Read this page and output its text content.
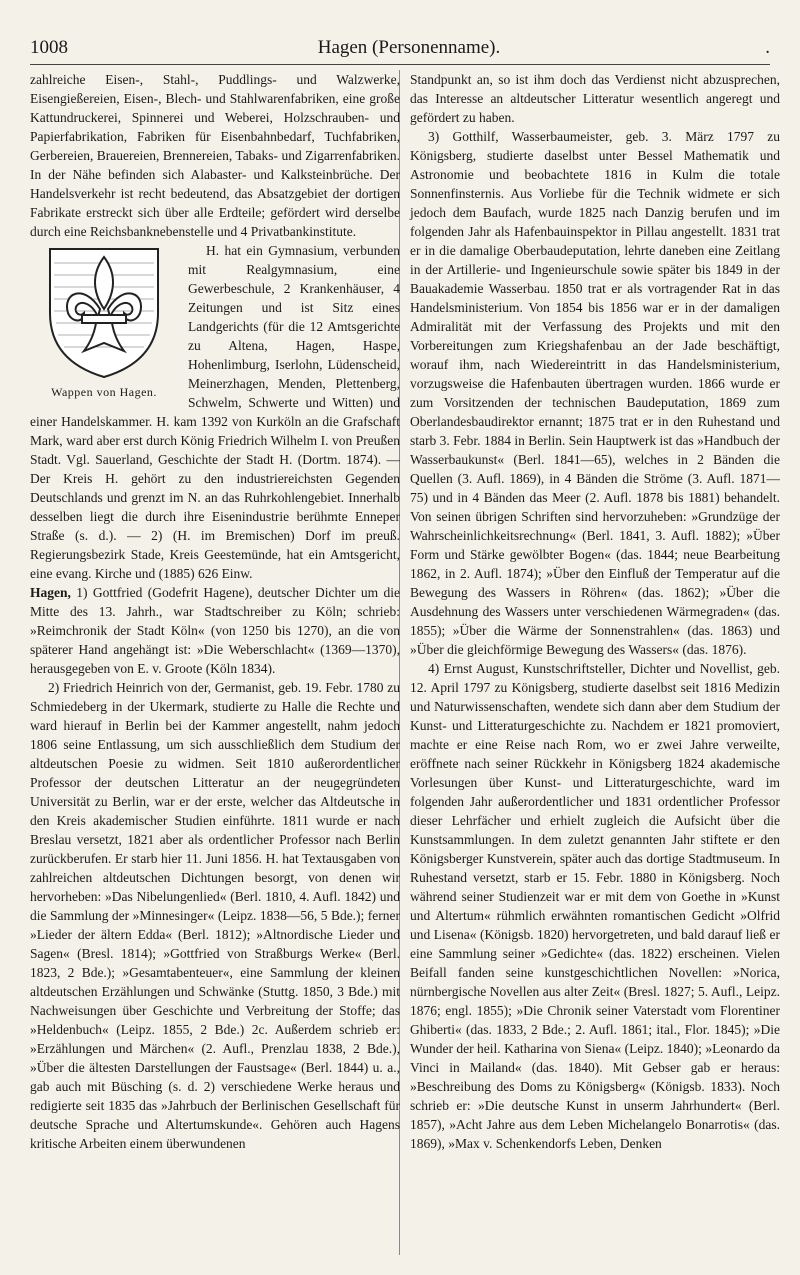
1008	Hagen (Personenname).	.

zahlreiche Eisen-, Stahl-, Puddlings- und Walzwerke, Eisengießereien, Eisen-, Blech- und Stahlwarenfabriken, eine große Kattundruckerei, Spinnerei und Weberei, Holzschrauben- und Papierfabrikation, Fabriken für Eisenbahnbedarf, Tuchfabriken, Gerbereien, Brauereien, Brennereien, Tabaks- und Zigarrenfabriken. In der Nähe befinden sich Alabaster- und Kalksteinbrüche. Der Handelsverkehr ist recht bedeutend, das Absatzgebiet der dortigen Fabrikate erstreckt sich über alle Erdteile; gefördert wird derselbe durch eine Reichsbanknebenstelle und 4 Privatbankinstitute.

Wappen von Hagen.

H. hat ein Gymnasium, verbunden mit Realgymnasium, eine Gewerbeschule, 2 Krankenhäuser, 4 Zeitungen und ist Sitz eines Landgerichts (für die 12 Amtsgerichte zu Altena, Hagen, Haspe, Hohenlimburg, Iserlohn, Lüdenscheid, Meinerzhagen, Menden, Plettenberg, Schwelm, Schwerte und Witten) und einer Handelskammer. H. kam 1392 von Kurköln an die Grafschaft Mark, ward aber erst durch König Friedrich Wilhelm I. von Preußen Stadt. Vgl. Sauerland, Geschichte der Stadt H. (Dortm. 1874). — Der Kreis H. gehört zu den industriereichsten Gegenden Deutschlands und grenzt im N. an das Ruhrkohlengebiet. Innerhalb desselben liegt die durch ihre Eisenindustrie berühmte Enneper Straße (s. d.). — 2) (H. im Bremischen) Dorf im preuß. Regierungsbezirk Stade, Kreis Geestemünde, hat ein Amtsgericht, eine evang. Kirche und (1885) 626 Einw.

Hagen, 1) Gottfried (Godefrit Hagene), deutscher Dichter um die Mitte des 13. Jahrh., war Stadtschreiber zu Köln; schrieb: »Reimchronik der Stadt Köln« (von 1250 bis 1270), an die von späterer Hand angehängt ist: »Die Weberschlacht« (1369—1370), herausgegeben von E. v. Groote (Köln 1834).

2) Friedrich Heinrich von der, Germanist, geb. 19. Febr. 1780 zu Schmiedeberg in der Ukermark, studierte zu Halle die Rechte und ward hierauf in Berlin bei der Kammer angestellt, nahm jedoch 1806 seine Entlassung, um sich ausschließlich dem Studium der altdeutschen Poesie zu widmen. Seit 1810 außerordentlicher Professor der deutschen Litteratur an der neugegründeten Universität zu Berlin, war er der erste, welcher das Altdeutsche in den Kreis akademischer Studien einführte. 1811 wurde er nach Breslau versetzt, 1821 aber als ordentlicher Professor nach Berlin zurückberufen. Er starb hier 11. Juni 1856. H. hat Textausgaben von zahlreichen altdeutschen Dichtungen besorgt, von denen wir hervorheben: »Das Nibelungenlied« (Berl. 1810, 4. Aufl. 1842) und die Sammlung der »Minnesinger« (Leipz. 1838—56, 5 Bde.); ferner »Lieder der ältern Edda« (Berl. 1812); »Altnordische Lieder und Sagen« (Bresl. 1814); »Gottfried von Straßburgs Werke« (Berl. 1823, 2 Bde.); »Gesamtabenteuer«, eine Sammlung der kleinen altdeutschen Erzählungen und Schwänke (Stuttg. 1850, 3 Bde.) mit Nachweisungen über Geschichte und Verbreitung der Stoffe; das »Heldenbuch« (Leipz. 1855, 2 Bde.) 2c. Außerdem schrieb er: »Erzählungen und Märchen« (2. Aufl., Prenzlau 1838, 2 Bde.), »Über die ältesten Darstellungen der Faustsage« (Berl. 1844) u. a., gab auch mit Büsching (s. d. 2) verschiedene Werke heraus und redigierte seit 1835 das »Jahrbuch der Berlinischen Gesellschaft für deutsche Sprache und Altertumskunde«. Gehören auch Hagens kritische Arbeiten einem überwundenen

Standpunkt an, so ist ihm doch das Verdienst nicht abzusprechen, das Interesse an altdeutscher Litteratur wesentlich angeregt und gefördert zu haben.

3) Gotthilf, Wasserbaumeister, geb. 3. März 1797 zu Königsberg, studierte daselbst unter Bessel Mathematik und Astronomie und beobachtete 1816 in Kulm die totale Sonnenfinsternis. Aus Vorliebe für die Technik widmete er sich jedoch dem Baufach, wurde 1825 nach Danzig berufen und im folgenden Jahr als Hafenbauinspektor in Pillau angestellt. 1831 trat er in die damalige Oberbaudeputation, lehrte daneben eine Zeitlang in der Artillerie- und Ingenieurschule sowie später bis 1849 in der Bauakademie Wasserbau. 1850 trat er als vortragender Rat in das Handelsministerium. Von 1854 bis 1856 war er in der damaligen Admiralität mit der Verfassung des Projekts und mit den Vorbereitungen zum Kriegshafenbau an der Jade beschäftigt, worauf ihm, nach Wiedereintritt in das Handelsministerium, vorzugsweise die Hafenbauten übertragen wurden. 1866 wurde er zum Vorsitzenden der technischen Baudeputation, 1869 zum Oberlandesbaudirektor ernannt; 1875 trat er in den Ruhestand und starb 3. Febr. 1884 in Berlin. Sein Hauptwerk ist das »Handbuch der Wasserbaukunst« (Berl. 1841—65), welches in 2 Bänden die Quellen (3. Aufl. 1869), in 4 Bänden die Ströme (3. Aufl. 1871—75) und in 4 Bänden das Meer (2. Aufl. 1878 bis 1881) behandelt. Von seinen übrigen Schriften sind hervorzuheben: »Grundzüge der Wahrscheinlichkeitsrechnung« (Berl. 1841, 3. Aufl. 1882); »Über Form und Stärke gewölbter Bogen« (das. 1844; neue Bearbeitung 1862, in 2. Aufl. 1874); »Über den Einfluß der Temperatur auf die Bewegung des Wassers in Röhren« (das. 1862); »Über die Ausdehnung des Wassers unter verschiedenen Wärmegraden« (das. 1855); »Über die Wärme der Sonnenstrahlen« (das. 1863) und »Über die gleichförmige Bewegung des Wassers« (das. 1876).

4) Ernst August, Kunstschriftsteller, Dichter und Novellist, geb. 12. April 1797 zu Königsberg, studierte daselbst seit 1816 Medizin und Naturwissenschaften, wendete sich dann aber dem Studium der Kunst- und Litteraturgeschichte zu. Nachdem er 1821 promoviert, machte er eine Reise nach Rom, wo er zwei Jahre verweilte, eröffnete nach seiner Rückkehr in Königsberg 1824 akademische Vorlesungen über Kunst- und Litteraturgeschichte, ward im folgenden Jahr außerordentlicher und 1831 ordentlicher Professor dieser Lehrfächer und erhielt zugleich die Aufsicht über die Kunstsammlungen. In dem zuletzt genannten Jahr stiftete er den Königsberger Kunstverein, später auch das dortige Stadtmuseum. In Ruhestand versetzt, starb er 15. Febr. 1880 in Königsberg. Noch während seiner Studienzeit war er mit dem von Goethe in »Kunst und Altertum« rühmlich erwähnten romantischen Gedicht »Olfrid und Lisena« (Königsb. 1820) hervorgetreten, und bald darauf ließ er eine Sammlung seiner »Gedichte« (das. 1822) erscheinen. Vielen Beifall fanden seine kunstgeschichtlichen Novellen: »Norica, nürnbergische Novellen aus alter Zeit« (Bresl. 1827; 5. Aufl., Leipz. 1876; engl. 1855); »Die Chronik seiner Vaterstadt vom Florentiner Ghiberti« (das. 1833, 2 Bde.; 2. Aufl. 1861; ital., Flor. 1845); »Die Wunder der heil. Katharina von Siena« (Leipz. 1840); »Leonardo da Vinci in Mailand« (das. 1840). Mit Gebser gab er heraus: »Beschreibung des Doms zu Königsberg« (Königsb. 1833). Noch schrieb er: »Die deutsche Kunst in unserm Jahrhundert« (Berl. 1857), »Acht Jahre aus dem Leben Michelangelo Bonarrotis« (das. 1869), »Max v. Schenkendorfs Leben, Denken
